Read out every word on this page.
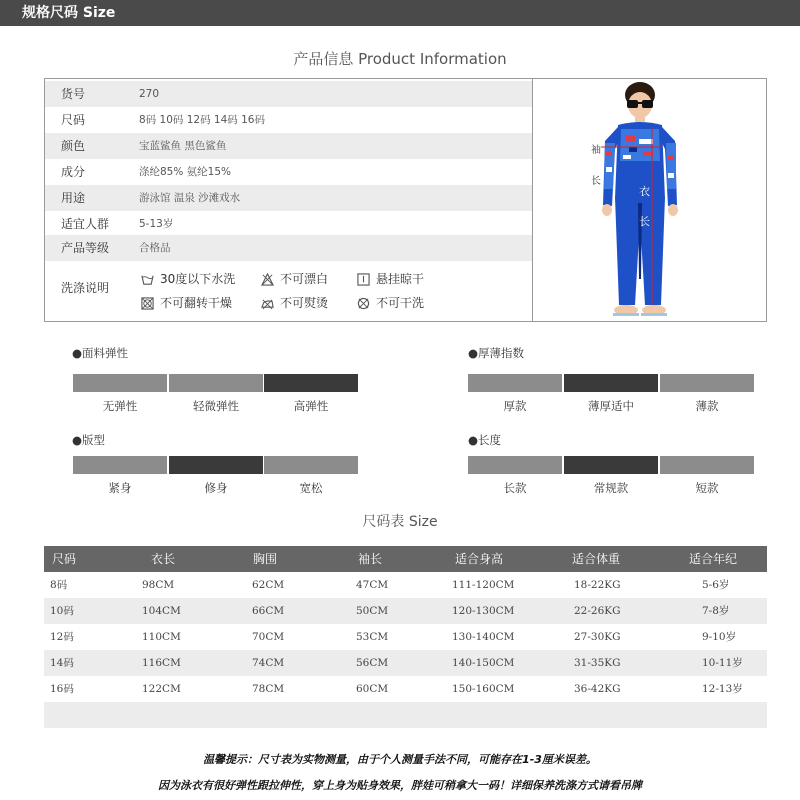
规格尺码 Size
产品信息 Product Information
货号	270
尺码	8码 10码 12码 14码 16码
颜色	宝蓝鲨鱼 黑色鲨鱼
成分	涤纶85% 氨纶15%
用途	游泳馆 温泉 沙滩戏水
适宜人群	5-13岁
产品等级	合格品
洗涤说明
30度以下水洗	不可漂白	悬挂晾干
不可翻转干燥	不可熨烫	不可干洗
袖
长
衣
长
●面料弹性
无弹性	轻微弹性	高弹性
●厚薄指数
厚款	薄厚适中	薄款
●版型
紧身	修身	宽松
●长度
长款	常规款	短款
尺码表 Size
尺码	衣长	胸围	袖长	适合身高	适合体重	适合年纪
8码	98CM	62CM	47CM	111-120CM	18-22KG	5-6岁
10码	104CM	66CM	50CM	120-130CM	22-26KG	7-8岁
12码	110CM	70CM	53CM	130-140CM	27-30KG	9-10岁
14码	116CM	74CM	56CM	140-150CM	31-35KG	10-11岁
16码	122CM	78CM	60CM	150-160CM	36-42KG	12-13岁
温馨提示：尺寸表为实物测量，由于个人测量手法不同，可能存在1-3厘米误差。
因为泳衣有很好弹性跟拉伸性，穿上身为贴身效果，胖娃可稍拿大一码！详细保养洗涤方式请看吊牌
